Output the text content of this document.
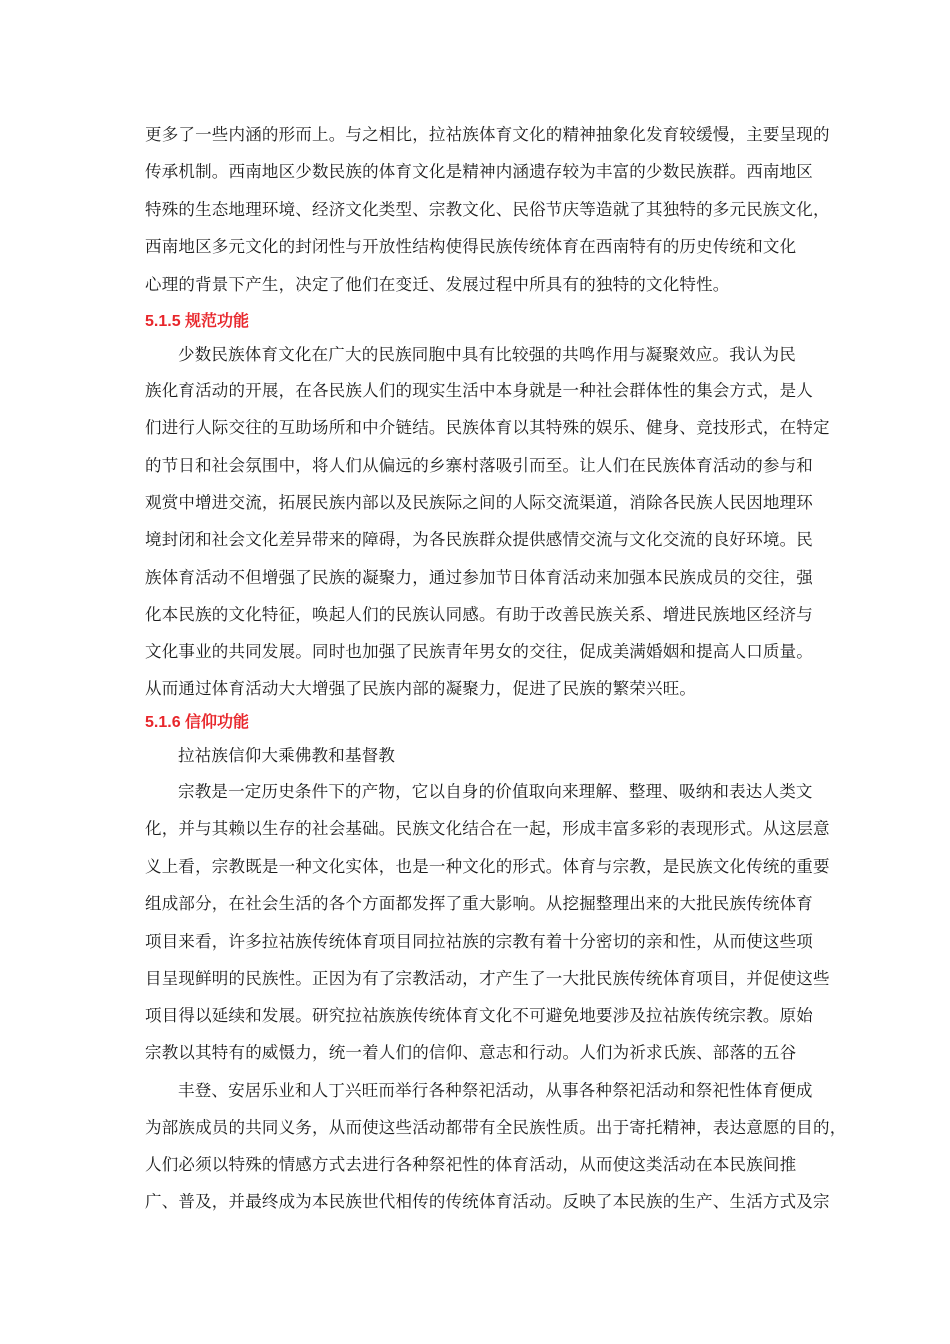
更多了一些内涵的形而上。与之相比，拉祜族体育文化的精神抽象化发育较缓慢，主要呈现的
传承机制。西南地区少数民族的体育文化是精神内涵遗存较为丰富的少数民族群。西南地区
特殊的生态地理环境、经济文化类型、宗教文化、民俗节庆等造就了其独特的多元民族文化，
西南地区多元文化的封闭性与开放性结构使得民族传统体育在西南特有的历史传统和文化
心理的背景下产生，决定了他们在变迁、发展过程中所具有的独特的文化特性。
5.1.5 规范功能
少数民族体育文化在广大的民族同胞中具有比较强的共鸣作用与凝聚效应。我认为民
族化育活动的开展，在各民族人们的现实生活中本身就是一种社会群体性的集会方式，是人
们进行人际交往的互助场所和中介链结。民族体育以其特殊的娱乐、健身、竞技形式，在特定
的节日和社会氛围中，将人们从偏远的乡寨村落吸引而至。让人们在民族体育活动的参与和
观赏中增进交流，拓展民族内部以及民族际之间的人际交流渠道，消除各民族人民因地理环
境封闭和社会文化差异带来的障碍，为各民族群众提供感情交流与文化交流的良好环境。民
族体育活动不但增强了民族的凝聚力，通过参加节日体育活动来加强本民族成员的交往，强
化本民族的文化特征，唤起人们的民族认同感。有助于改善民族关系、增进民族地区经济与
文化事业的共同发展。同时也加强了民族青年男女的交往，促成美满婚姻和提高人口质量。
从而通过体育活动大大增强了民族内部的凝聚力，促进了民族的繁荣兴旺。
5.1.6 信仰功能
拉祜族信仰大乘佛教和基督教
宗教是一定历史条件下的产物，它以自身的价值取向来理解、整理、吸纳和表达人类文
化，并与其赖以生存的社会基础。民族文化结合在一起，形成丰富多彩的表现形式。从这层意
义上看，宗教既是一种文化实体，也是一种文化的形式。体育与宗教，是民族文化传统的重要
组成部分，在社会生活的各个方面都发挥了重大影响。从挖掘整理出来的大批民族传统体育
项目来看，许多拉祜族传统体育项目同拉祜族的宗教有着十分密切的亲和性，从而使这些项
目呈现鲜明的民族性。正因为有了宗教活动，才产生了一大批民族传统体育项目，并促使这些
项目得以延续和发展。研究拉祜族族传统体育文化不可避免地要涉及拉祜族传统宗教。原始
宗教以其特有的威慑力，统一着人们的信仰、意志和行动。人们为祈求氏族、部落的五谷
丰登、安居乐业和人丁兴旺而举行各种祭祀活动，从事各种祭祀活动和祭祀性体育便成
为部族成员的共同义务，从而使这些活动都带有全民族性质。出于寄托精神，表达意愿的目的，
人们必须以特殊的情感方式去进行各种祭祀性的体育活动，从而使这类活动在本民族间推
广、普及，并最终成为本民族世代相传的传统体育活动。反映了本民族的生产、生活方式及宗
